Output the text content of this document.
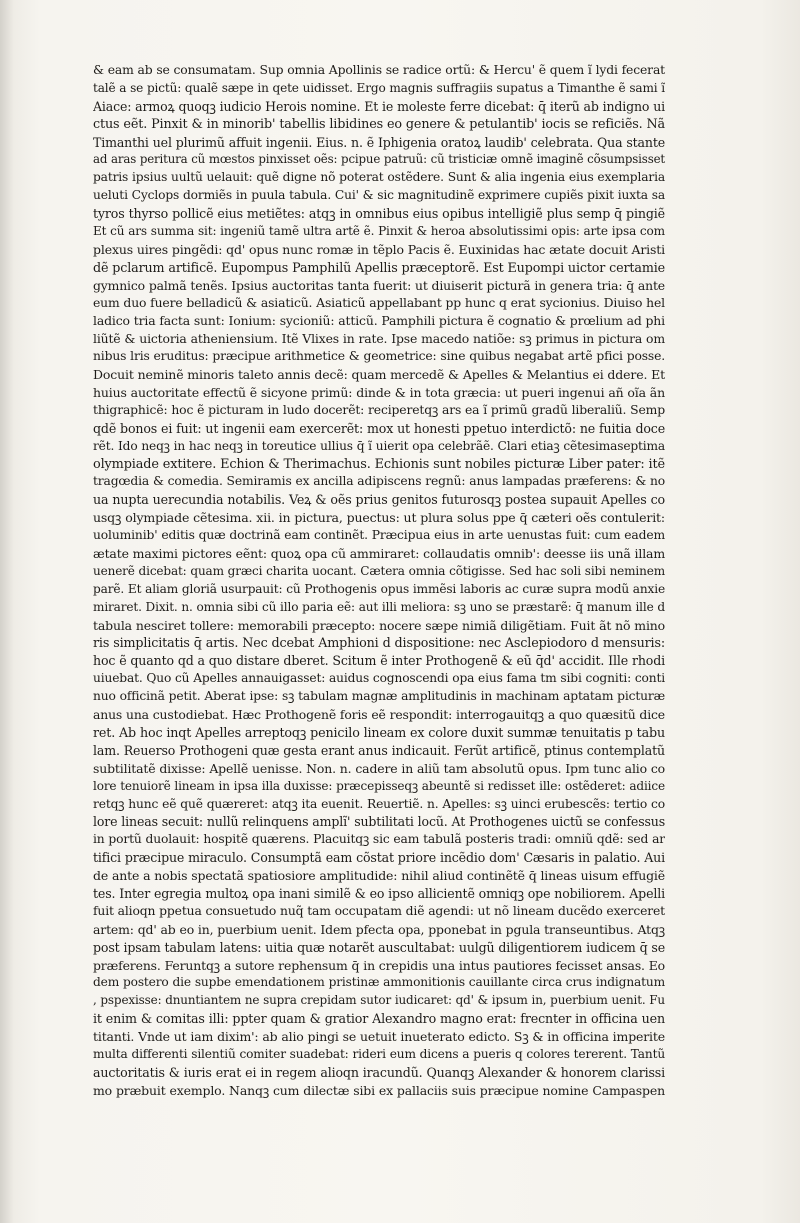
& eam ab se consumatam. Sup omnia Apollinis se radice ortũ: & Hercu' ẽ quem ĩ lydi fecerat
talẽ a se pictũ: qualẽ sæpe in qete uidisset. Ergo magnis suffragiis supatus a Timanthe ẽ sami ĩ
Aiace: armoꝝ quoqꝫ iudicio Herois nomine. Et ie moleste ferre dicebat: q̄ iterũ ab indigno ui
ctus eẽt. Pinxit & in minorib' tabellis libidines eo genere & petulantib' iocis se reficiẽs. Nã
Timanthi uel plurimũ affuit ingenii. Eius. n. ẽ Iphigenia oratoꝝ laudib' celebrata. Qua stante
ad aras peritura cũ mœstos pinxisset oẽs: pcipue patruũ: cũ tristiciæ omnẽ imaginẽ cõsumpsisset
patris ipsius uultũ uelauit: quẽ digne nõ poterat ostẽdere. Sunt & alia ingenia eius exemplaria
ueluti Cyclops dormiẽs in puula tabula. Cui' & sic magnitudinẽ exprimere cupiẽs pixit iuxta sa
tyros thyrso pollicẽ eius metiẽtes: atqꝫ in omnibus eius opibus intelligiẽ plus semp q̄ pingiẽ
Et cũ ars summa sit: ingeniũ tamẽ ultra artẽ ẽ. Pinxit & heroa absolutissimi opis: arte ipsa com
plexus uires pingẽdi: qd' opus nunc romæ in tẽplo Pacis ẽ. Euxinidas hac ætate docuit Aristi
dẽ pclarum artificẽ. Eupompus Pamphilũ Apellis præceptorẽ. Est Eupompi uictor certamie
gymnico palmã tenẽs. Ipsius auctoritas tanta fuerit: ut diuiserit picturã in genera tria: q̄ ante
eum duo fuere belladicũ & asiaticũ. Asiaticũ appellabant pp hunc q erat sycionius. Diuiso hel
ladico tria facta sunt: Ionium: sycioniũ: atticũ. Pamphili pictura ẽ cognatio & prœlium ad phi
liũtẽ & uictoria atheniensium. Itẽ Vlixes in rate. Ipse macedo natiõe: sꝫ primus in pictura om
nibus lris eruditus: præcipue arithmetice & geometrice: sine quibus negabat artẽ pfici posse.
Docuit neminẽ minoris taleto annis decẽ: quam mercedẽ & Apelles & Melantius ei ddere. Et
huius auctoritate effectũ ẽ sicyone primũ: dinde & in tota græcia: ut pueri ingenui añ oĩa ãn
thigraphicẽ: hoc ẽ picturam in ludo docerẽt: reciperetqꝫ ars ea ĩ primũ gradũ liberaliũ. Semp
qdẽ bonos ei fuit: ut ingenii eam exercerẽt: mox ut honesti ppetuo interdictõ: ne fuitia doce
rẽt. Ido neqꝫ in hac neqꝫ in toreutice ullius q̄ ĩ uierit opa celebrãẽ. Clari etiaꝫ cẽtesimaseptima
olympiade extitere. Echion & Therimachus. Echionis sunt nobiles picturæ Liber pater: itẽ
tragœdia & comedia. Semiramis ex ancilla adipiscens regnũ: anus lampadas præferens: & no
ua nupta uerecundia notabilis. Veꝝ & oẽs prius genitos futurosqꝫ postea supauit Apelles co
usqꝫ olympiade cẽtesima. xii. in pictura, puectus: ut plura solus ppe q̄ cæteri oẽs contulerit:
uoluminib' editis quæ doctrinã eam continẽt. Præcipua eius in arte uenustas fuit: cum eadem
ætate maximi pictores eẽnt: quoꝝ opa cũ ammiraret: collaudatis omnib': deesse iis unã illam
uenerẽ dicebat: quam græci charita uocant. Cætera omnia cõtigisse. Sed hac soli sibi neminem
parẽ. Et aliam gloriã usurpauit: cũ Prothogenis opus immẽsi laboris ac curæ supra modũ anxie
miraret. Dixit. n. omnia sibi cũ illo paria eẽ: aut illi meliora: sꝫ uno se præstarẽ: q̄ manum ille d
tabula nesciret tollere: memorabili præcepto: nocere sæpe nimiã diligẽtiam. Fuit ãt nõ mino
ris simplicitatis q̄ artis. Nec dcebat Amphioni d dispositione: nec Asclepiodoro d mensuris:
hoc ẽ quanto qd a quo distare dberet. Scitum ẽ inter Prothogenẽ & eũ q̄d' accidit. Ille rhodi
uiuebat. Quo cũ Apelles annauigasset: auidus cognoscendi opa eius fama tm sibi cogniti: conti
nuo officinã petit. Aberat ipse: sꝫ tabulam magnæ amplitudinis in machinam aptatam picturæ
anus una custodiebat. Hæc Prothogenẽ foris eẽ respondit: interrogauitqꝫ a quo quæsitũ dice
ret. Ab hoc inqt Apelles arreptoqꝫ penicilo lineam ex colore duxit summæ tenuitatis p tabu
lam. Reuerso Prothogeni quæ gesta erant anus indicauit. Ferũt artificẽ, ptinus contemplatũ
subtilitatẽ dixisse: Apellẽ uenisse. Non. n. cadere in aliũ tam absolutũ opus. Ipm tunc alio co
lore tenuiorẽ lineam in ipsa illa duxisse: præcepisseqꝫ abeuntẽ si redisset ille: ostẽderet: adiice
retqꝫ hunc eẽ quẽ quæreret: atqꝫ ita euenit. Reuertiẽ. n. Apelles: sꝫ uinci erubescẽs: tertio co
lore lineas secuit: nullũ relinquens amplĩ' subtilitati locũ. At Prothogenes uictũ se confessus
in portũ duolauit: hospitẽ quærens. Placuitqꝫ sic eam tabulã posteris tradi: omniũ qdẽ: sed ar
tifici præcipue miraculo. Consumptã eam cõstat priore incẽdio dom' Cæsaris in palatio. Aui
de ante a nobis spectatã spatiosiore amplitudide: nihil aliud continẽtẽ q̄ lineas uisum effugiẽ
tes. Inter egregia multoꝝ opa inani similẽ & eo ipso allicientẽ omniqꝫ ope nobiliorem. Apelli
fuit alioqn ppetua consuetudo nuq̃ tam occupatam diẽ agendi: ut nõ lineam ducẽdo exerceret
artem: qd' ab eo in, puerbium uenit. Idem pfecta opa, pponebat in pgula transeuntibus. Atqꝫ
post ipsam tabulam latens: uitia quæ notarẽt auscultabat: uulgũ diligentiorem iudicem q̄ se
præferens. Feruntqꝫ a sutore rephensum q̄ in crepidis una intus pautiores fecisset ansas. Eo
dem postero die supbe emendationem pristinæ ammonitionis cauillante circa crus indignatum
, pspexisse: dnuntiantem ne supra crepidam sutor iudicaret: qd' & ipsum in, puerbium uenit. Fu
it enim & comitas illi: ppter quam & gratior Alexandro magno erat: frecnter in officina uen
titanti. Vnde ut iam dixim': ab alio pingi se uetuit inueterato edicto. Sꝫ & in officina imperite
multa differenti silentiũ comiter suadebat: rideri eum dicens a pueris q colores tererent. Tantũ
auctoritatis & iuris erat ei in regem alioqn iracundũ. Quanqꝫ Alexander & honorem clarissi
mo præbuit exemplo. Nanqꝫ cum dilectæ sibi ex pallaciis suis præcipue nomine Campaspen
